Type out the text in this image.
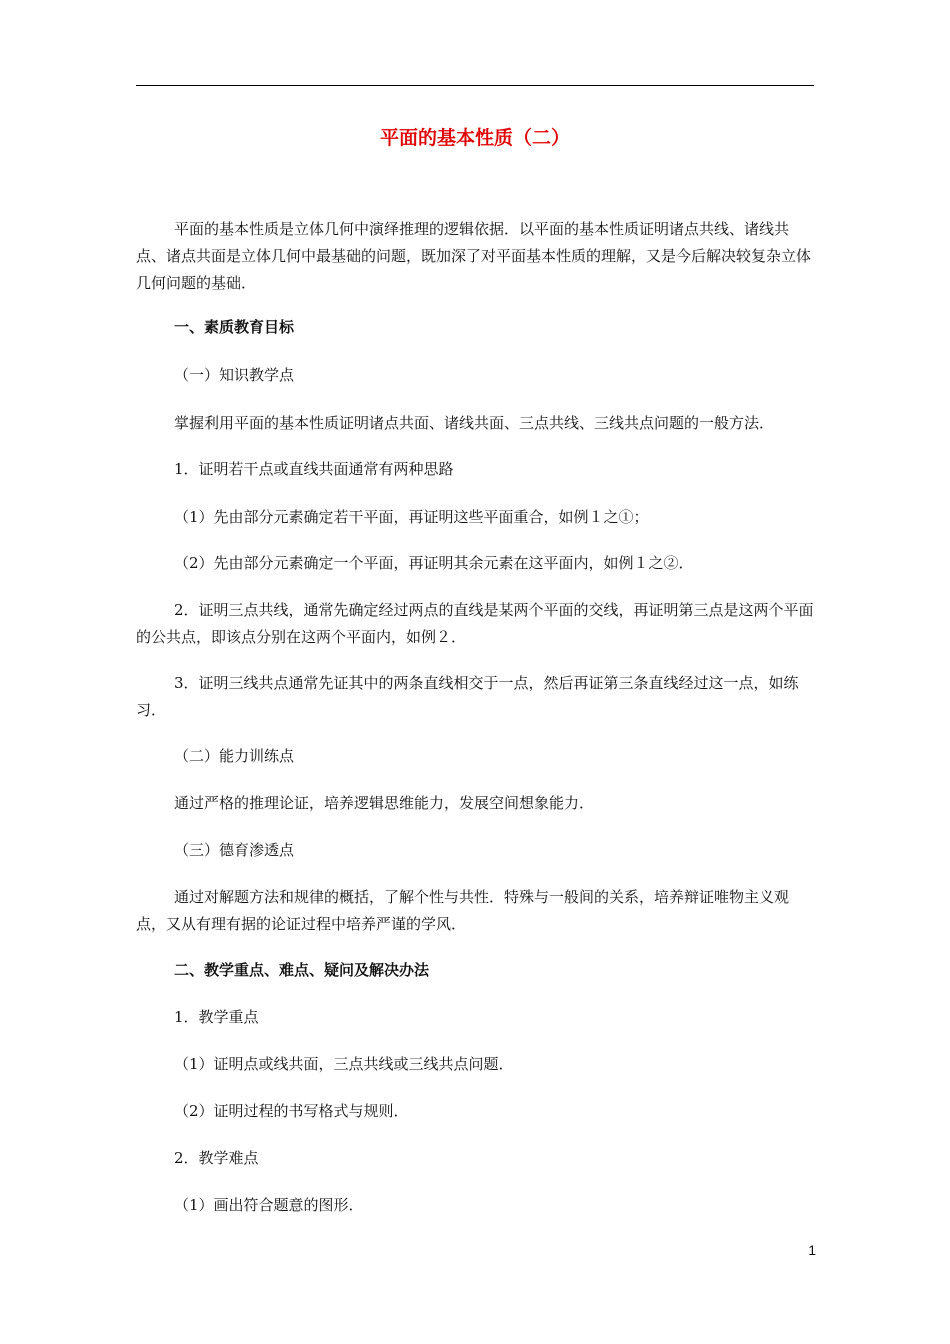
平面的基本性质（二）

平面的基本性质是立体几何中演绎推理的逻辑依据．以平面的基本性质证明诸点共线、诸线共点、诸点共面是立体几何中最基础的问题，既加深了对平面基本性质的理解，又是今后解决较复杂立体几何问题的基础．

一、素质教育目标

（一）知识教学点

掌握利用平面的基本性质证明诸点共面、诸线共面、三点共线、三线共点问题的一般方法．

1．证明若干点或直线共面通常有两种思路

（1）先由部分元素确定若干平面，再证明这些平面重合，如例１之①；

（2）先由部分元素确定一个平面，再证明其余元素在这平面内，如例１之②．

2．证明三点共线，通常先确定经过两点的直线是某两个平面的交线，再证明第三点是这两个平面的公共点，即该点分别在这两个平面内，如例２．

3．证明三线共点通常先证其中的两条直线相交于一点，然后再证第三条直线经过这一点，如练习．

（二）能力训练点

通过严格的推理论证，培养逻辑思维能力，发展空间想象能力．

（三）德育渗透点

通过对解题方法和规律的概括，了解个性与共性．特殊与一般间的关系，培养辩证唯物主义观点，又从有理有据的论证过程中培养严谨的学风．

二、教学重点、难点、疑问及解决办法

1．教学重点

（1）证明点或线共面，三点共线或三线共点问题．

（2）证明过程的书写格式与规则．

2．教学难点

（1）画出符合题意的图形．

1
